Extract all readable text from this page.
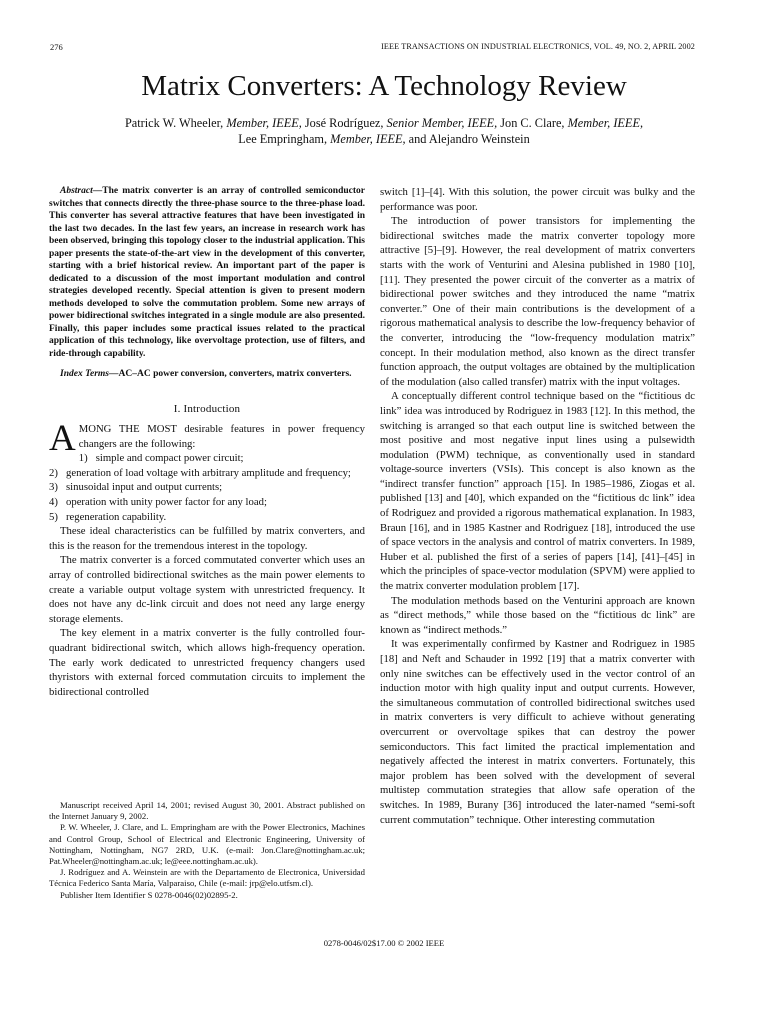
276	IEEE TRANSACTIONS ON INDUSTRIAL ELECTRONICS, VOL. 49, NO. 2, APRIL 2002
Matrix Converters: A Technology Review
Patrick W. Wheeler, Member, IEEE, José Rodríguez, Senior Member, IEEE, Jon C. Clare, Member, IEEE,
Lee Empringham, Member, IEEE, and Alejandro Weinstein

Abstract—The matrix converter is an array of controlled semiconductor switches that connects directly the three-phase source to the three-phase load. This converter has several attractive features that have been investigated in the last two decades. In the last few years, an increase in research work has been observed, bringing this topology closer to the industrial application. This paper presents the state-of-the-art view in the development of this converter, starting with a brief historical review. An important part of the paper is dedicated to a discussion of the most important modulation and control strategies developed recently. Special attention is given to present modern methods developed to solve the commutation problem. Some new arrays of power bidirectional switches integrated in a single module are also presented. Finally, this paper includes some practical issues related to the practical application of this technology, like overvoltage protection, use of filters, and ride-through capability.

Index Terms—AC–AC power conversion, converters, matrix converters.

I. Introduction

AMONG THE MOST desirable features in power frequency changers are the following:

1) simple and compact power circuit;
2) generation of load voltage with arbitrary amplitude and frequency;
3) sinusoidal input and output currents;
4) operation with unity power factor for any load;
5) regeneration capability.

These ideal characteristics can be fulfilled by matrix converters, and this is the reason for the tremendous interest in the topology.

The matrix converter is a forced commutated converter which uses an array of controlled bidirectional switches as the main power elements to create a variable output voltage system with unrestricted frequency. It does not have any dc-link circuit and does not need any large energy storage elements.

The key element in a matrix converter is the fully controlled four-quadrant bidirectional switch, which allows high-frequency operation. The early work dedicated to unrestricted frequency changers used thyristors with external forced commutation circuits to implement the bidirectional controlled

switch [1]–[4]. With this solution, the power circuit was bulky and the performance was poor.

The introduction of power transistors for implementing the bidirectional switches made the matrix converter topology more attractive [5]–[9]. However, the real development of matrix converters starts with the work of Venturini and Alesina published in 1980 [10], [11]. They presented the power circuit of the converter as a matrix of bidirectional power switches and they introduced the name “matrix converter.” One of their main contributions is the development of a rigorous mathematical analysis to describe the low-frequency behavior of the converter, introducing the “low-frequency modulation matrix” concept. In their modulation method, also known as the direct transfer function approach, the output voltages are obtained by the multiplication of the modulation (also called transfer) matrix with the input voltages.

A conceptually different control technique based on the “fictitious dc link” idea was introduced by Rodriguez in 1983 [12]. In this method, the switching is arranged so that each output line is switched between the most positive and most negative input lines using a pulsewidth modulation (PWM) technique, as conventionally used in standard voltage-source inverters (VSIs). This concept is also known as the “indirect transfer function” approach [15]. In 1985–1986, Ziogas et al. published [13] and [40], which expanded on the “fictitious dc link” idea of Rodriguez and provided a rigorous mathematical explanation. In 1983, Braun [16], and in 1985 Kastner and Rodriguez [18], introduced the use of space vectors in the analysis and control of matrix converters. In 1989, Huber et al. published the first of a series of papers [14], [41]–[45] in which the principles of space-vector modulation (SPVM) were applied to the matrix converter modulation problem [17].

The modulation methods based on the Venturini approach are known as “direct methods,” while those based on the “fictitious dc link” are known as “indirect methods.”

It was experimentally confirmed by Kastner and Rodriguez in 1985 [18] and Neft and Schauder in 1992 [19] that a matrix converter with only nine switches can be effectively used in the vector control of an induction motor with high quality input and output currents. However, the simultaneous commutation of controlled bidirectional switches used in matrix converters is very difficult to achieve without generating overcurrent or overvoltage spikes that can destroy the power semiconductors. This fact limited the practical implementation and negatively affected the interest in matrix converters. Fortunately, this major problem has been solved with the development of several multistep commutation strategies that allow safe operation of the switches. In 1989, Burany [36] introduced the later-named “semi-soft current commutation” technique. Other interesting commutation

Manuscript received April 14, 2001; revised August 30, 2001. Abstract published on the Internet January 9, 2002.

P. W. Wheeler, J. Clare, and L. Empringham are with the Power Electronics, Machines and Control Group, School of Electrical and Electronic Engineering, University of Nottingham, Nottingham, NG7 2RD, U.K. (e-mail: Jon.Clare@nottingham.ac.uk; Pat.Wheeler@nottingham.ac.uk; le@eee.nottingham.ac.uk).

J. Rodríguez and A. Weinstein are with the Departamento de Electronica, Universidad Técnica Federico Santa María, Valparaiso, Chile (e-mail: jrp@elo.utfsm.cl).

Publisher Item Identifier S 0278-0046(02)02895-2.

0278-0046/02$17.00 © 2002 IEEE
